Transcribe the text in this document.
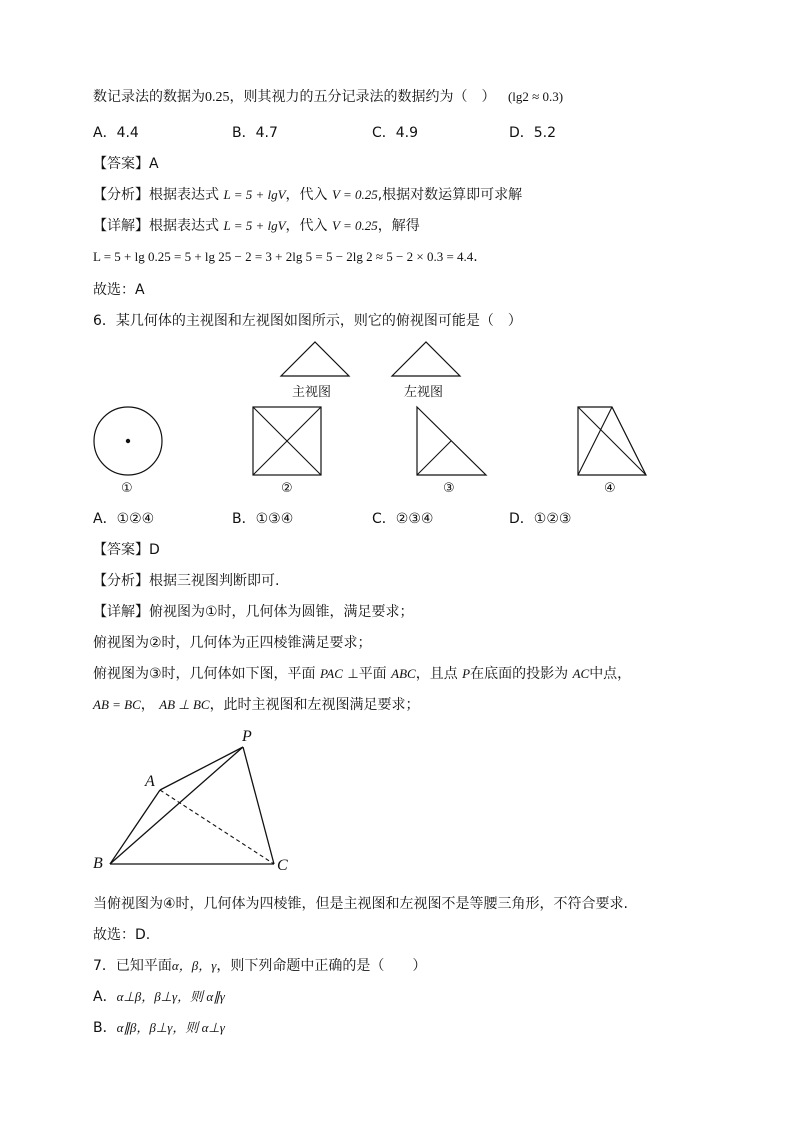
数记录法的数据为0.25，则其视力的五分记录法的数据约为（　） (lg2 ≈ 0.3)
A．4.4	B．4.7	C．4.9	D．5.2
【答案】A
【分析】根据表达式 L = 5 + lgV，代入 V = 0.25,根据对数运算即可求解
【详解】根据表达式 L = 5 + lgV，代入 V = 0.25，解得
L = 5 + lg 0.25 = 5 + lg 25 − 2 = 3 + 2lg 5 = 5 − 2lg 2 ≈ 5 − 2 × 0.3 = 4.4.
故选：A
6．某几何体的主视图和左视图如图所示，则它的俯视图可能是（　）
主视图	左视图
①	②	③	④
A．①②④	B．①③④	C．②③④	D．①②③
【答案】D
【分析】根据三视图判断即可.
【详解】俯视图为①时，几何体为圆锥，满足要求；
俯视图为②时，几何体为正四棱锥满足要求；
俯视图为③时，几何体如下图，平面 PAC ⊥平面 ABC，且点 P在底面的投影为 AC中点，
AB = BC， AB ⊥ BC，此时主视图和左视图满足要求；
P
A
B	C
当俯视图为④时，几何体为四棱锥，但是主视图和左视图不是等腰三角形，不符合要求.
故选：D.
7．已知平面α，β，γ，则下列命题中正确的是（　　）
A．α⊥β，β⊥γ，则 α∥γ
B．α∥β，β⊥γ，则 α⊥γ
